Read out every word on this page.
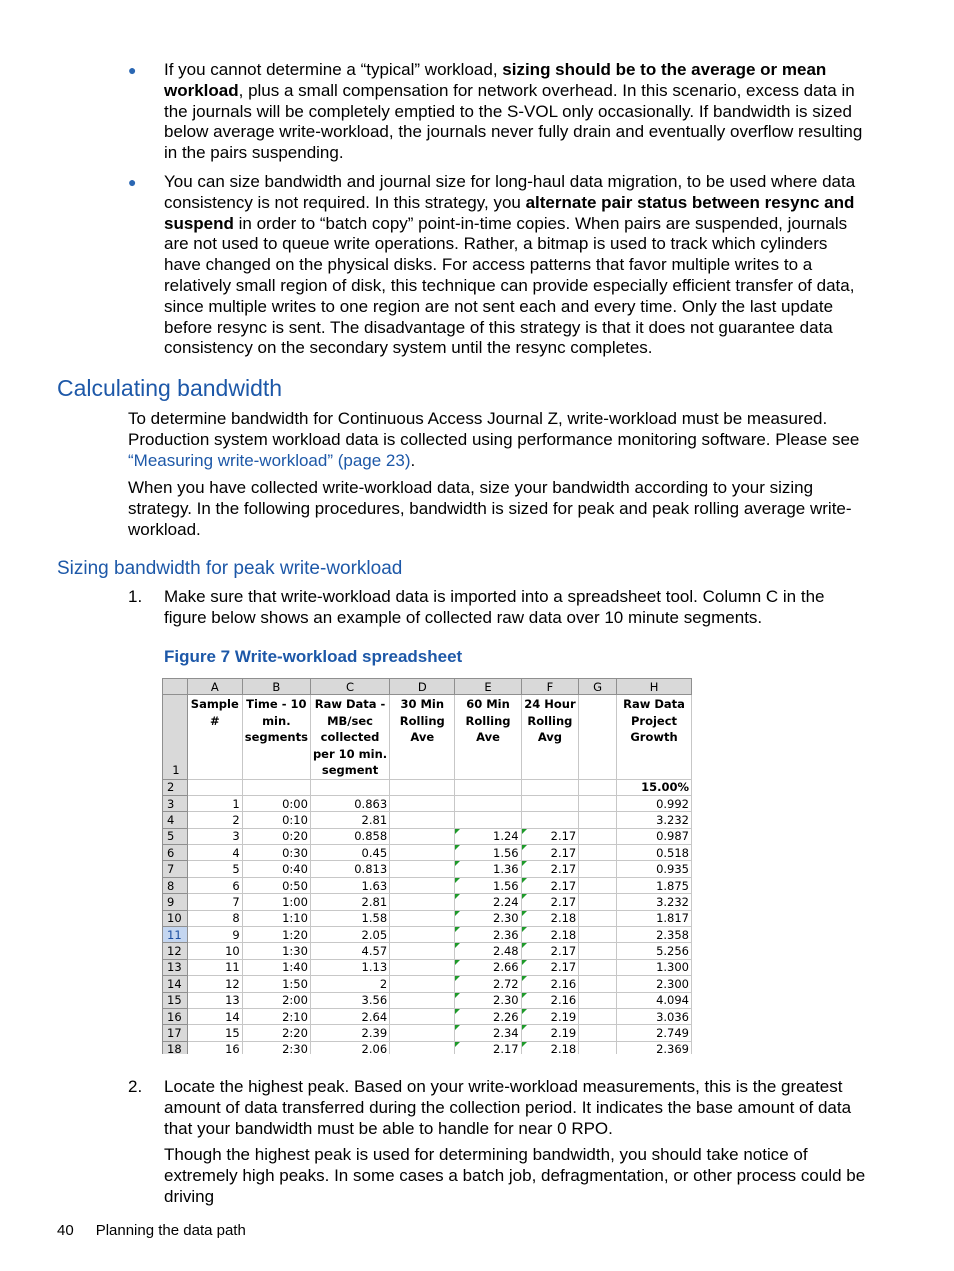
● If you cannot determine a “typical” workload, sizing should be to the average or mean workload, plus a small compensation for network overhead. In this scenario, excess data in the journals will be completely emptied to the S-VOL only occasionally. If bandwidth is sized below average write-workload, the journals never fully drain and eventually overflow resulting in the pairs suspending.

● You can size bandwidth and journal size for long-haul data migration, to be used where data consistency is not required. In this strategy, you alternate pair status between resync and suspend in order to “batch copy” point-in-time copies. When pairs are suspended, journals are not used to queue write operations. Rather, a bitmap is used to track which cylinders have changed on the physical disks. For access patterns that favor multiple writes to a relatively small region of disk, this technique can provide especially efficient transfer of data, since multiple writes to one region are not sent each and every time. Only the last update before resync is sent. The disadvantage of this strategy is that it does not guarantee data consistency on the secondary system until the resync completes.

Calculating bandwidth

To determine bandwidth for Continuous Access Journal Z, write-workload must be measured. Production system workload data is collected using performance monitoring software. Please see “Measuring write-workload” (page 23).

When you have collected write-workload data, size your bandwidth according to your sizing strategy. In the following procedures, bandwidth is sized for peak and peak rolling average write-workload.

Sizing bandwidth for peak write-workload
1. Make sure that write-workload data is imported into a spreadsheet tool. Column C in the figure below shows an example of collected raw data over 10 minute segments.

Figure 7 Write-workload spreadsheet

	A	B	C	D	E	F	G	H
1	Sample #	Time - 10 min. segments	Raw Data - MB/sec collected per 10 min. segment	30 Min Rolling Ave	60 Min Rolling Ave	24 Hour Rolling Avg		Raw Data Project Growth
2								15.00%
3	1	0:00	0.863					0.992
4	2	0:10	2.81					3.232
5	3	0:20	0.858		1.24	2.17		0.987
6	4	0:30	0.45		1.56	2.17		0.518
7	5	0:40	0.813		1.36	2.17		0.935
8	6	0:50	1.63		1.56	2.17		1.875
9	7	1:00	2.81		2.24	2.17		3.232
10	8	1:10	1.58		2.30	2.18		1.817
11	9	1:20	2.05		2.36	2.18		2.358
12	10	1:30	4.57		2.48	2.17		5.256
13	11	1:40	1.13		2.66	2.17		1.300
14	12	1:50	2		2.72	2.16		2.300
15	13	2:00	3.56		2.30	2.16		4.094
16	14	2:10	2.64		2.26	2.19		3.036
17	15	2:20	2.39		2.34	2.19		2.749
18	16	2:30	2.06		2.17	2.18		2.369
2. Locate the highest peak. Based on your write-workload measurements, this is the greatest amount of data transferred during the collection period. It indicates the base amount of data that your bandwidth must be able to handle for near 0 RPO.

Though the highest peak is used for determining bandwidth, you should take notice of extremely high peaks. In some cases a batch job, defragmentation, or other process could be driving

40 Planning the data path
